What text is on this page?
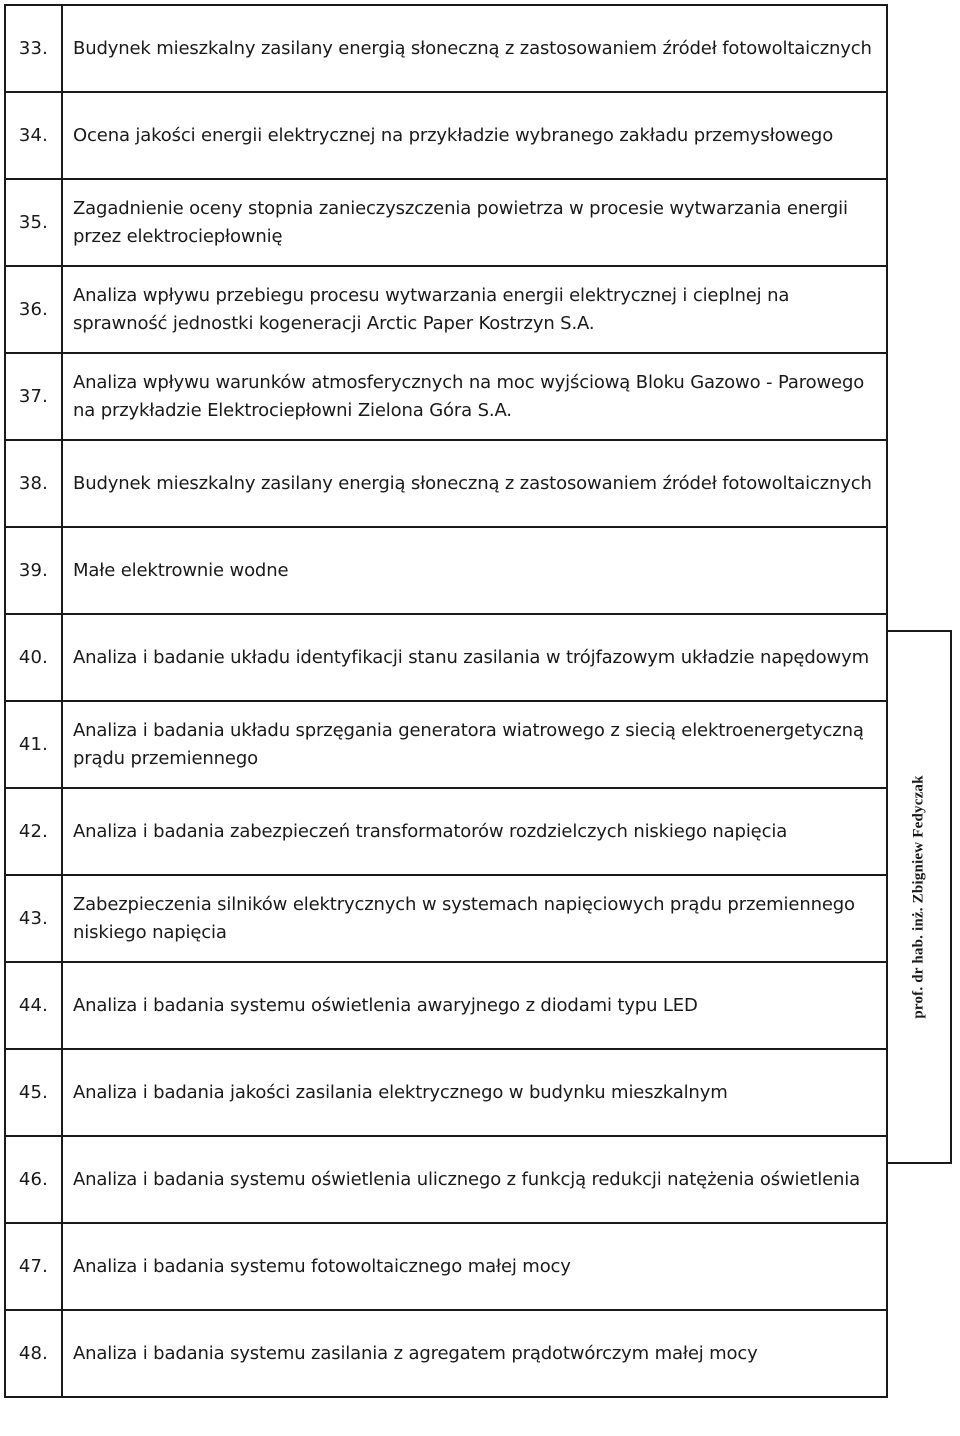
33.	Budynek mieszkalny zasilany energią słoneczną z zastosowaniem źródeł fotowoltaicznych
34.	Ocena jakości energii elektrycznej na przykładzie wybranego zakładu przemysłowego
35.	Zagadnienie oceny stopnia zanieczyszczenia powietrza w procesie wytwarzania energii przez elektrociepłownię
36.	Analiza wpływu przebiegu procesu wytwarzania energii elektrycznej i cieplnej na sprawność jednostki kogeneracji Arctic Paper Kostrzyn S.A.
37.	Analiza wpływu warunków atmosferycznych na moc wyjściową Bloku Gazowo - Parowego na przykładzie Elektrociepłowni Zielona Góra S.A.
38.	Budynek mieszkalny zasilany energią słoneczną z zastosowaniem źródeł fotowoltaicznych
39.	Małe elektrownie wodne
40.	Analiza i badanie układu identyfikacji stanu zasilania w trójfazowym układzie napędowym
41.	Analiza i badania układu sprzęgania generatora wiatrowego z siecią elektroenergetyczną prądu przemiennego
42.	Analiza i badania zabezpieczeń transformatorów rozdzielczych niskiego napięcia
43.	Zabezpieczenia silników elektrycznych w systemach napięciowych prądu przemiennego niskiego napięcia
44.	Analiza i badania systemu oświetlenia awaryjnego z diodami typu LED
45.	Analiza i badania jakości zasilania elektrycznego w budynku mieszkalnym
46.	Analiza i badania systemu oświetlenia ulicznego z funkcją redukcji natężenia oświetlenia
47.	Analiza i badania systemu fotowoltaicznego małej mocy
48.	Analiza i badania systemu zasilania z agregatem prądotwórczym małej mocy
prof. dr hab. inż. Zbigniew Fedyczak
